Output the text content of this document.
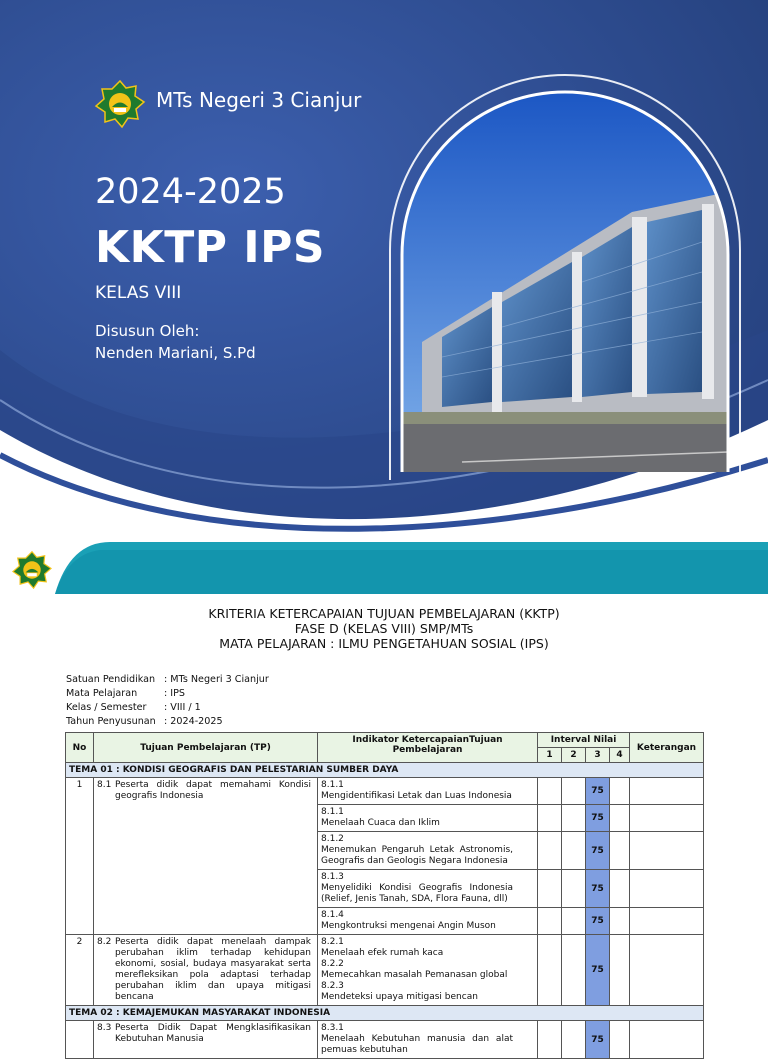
MTs Negeri 3 Cianjur
2024-2025
KKTP IPS
KELAS VIII
Disusun Oleh:
Nenden Mariani, S.Pd
KRITERIA KETERCAPAIAN TUJUAN PEMBELAJARAN (KKTP)
FASE D (KELAS VIII) SMP/MTs
MATA PELAJARAN : ILMU PENGETAHUAN SOSIAL (IPS)
Satuan Pendidikan : MTs Negeri 3 Cianjur
Mata Pelajaran	: IPS
Kelas / Semester	: VIII / 1
Tahun Penyusunan : 2024-2025
No	Tujuan Pembelajaran (TP)	Indikator KetercapaianTujuan Pembelajaran	Interval Nilai				Keterangan
			1	2	3	4	
TEMA 01 : KONDISI GEOGRAFIS DAN PELESTARIAN SUMBER DAYA							
1	8.1 Peserta didik dapat memahami Kondisi geografis Indonesia	8.1.1Mengidentifikasi Letak dan Luas Indonesia			75		
		8.1.1Menelaah Cuaca dan Iklim			75		
		8.1.2Menemukan Pengaruh Letak Astronomis, Geografis dan Geologis Negara Indonesia			75		
		8.1.3Menyelidiki Kondisi Geografis Indonesia (Relief, Jenis Tanah, SDA, Flora Fauna, dll)			75		
		8.1.4Mengkontruksi mengenai Angin Muson			75		
2	8.2 Peserta didik dapat menelaah dampak perubahan iklim terhadap kehidupan ekonomi, sosial, budaya masyarakat serta merefleksikan pola adaptasi terhadap perubahan iklim dan upaya mitigasi bencana	8.2.1Menelaah efek rumah kaca
8.2.2Memecahkan masalah Pemanasan global
8.2.3Mendeteksi upaya mitigasi bencan			75		
TEMA 02 : KEMAJEMUKAN MASYARAKAT INDONESIA							
	8.3 Peserta Didik Dapat Mengklasifikasikan Kebutuhan Manusia	8.3.1Menelaah Kebutuhan manusia dan alat pemuas kebutuhan			75		
